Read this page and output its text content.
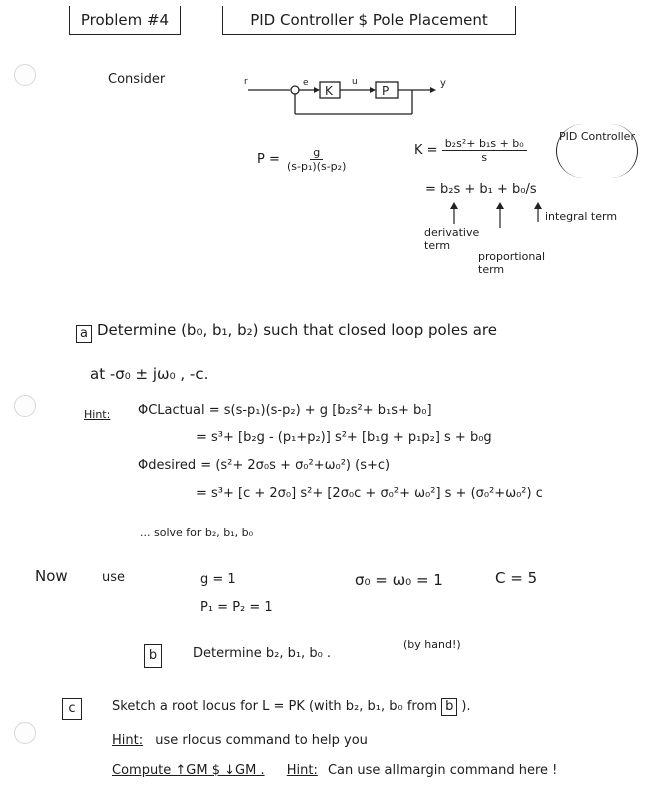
Problem #4	PID Controller $ Pole Placement
Consider
K	P
r	e	u	y
$P = \frac{g}{\text{(s-p₁)(s-p₂)}}$	$K = \frac{\text{b₂s²+ b₁s + b₀}}{s}$
PID Controller
= b₂s + b₁ + b₀/s
derivative term
proportional term
integral term
a Determine (b₀, b₁, b₂) such that closed loop poles are
at -σ₀ ± jω₀ , -c.
Hint: ΦCLactual = s(s-p₁)(s-p₂) + g [b₂s²+ b₁s+ b₀]
= s³+ [b₂g - (p₁+p₂)] s²+ [b₁g + p₁p₂] s + b₀g
Φdesired = (s²+ 2σ₀s + σ₀²+ω₀²) (s+c)
= s³+ [c + 2σ₀] s²+ [2σ₀c + σ₀²+ ω₀²] s + (σ₀²+ω₀²) c
... solve for b₂, b₁, b₀
Now	use	g = 1	σ₀ = ω₀ = 1	C = 5
P₁ = P₂ = 1
b	Determine b₂, b₁, b₀ .
(by hand!)
c	Sketch a root locus for L = PK (with b₂, b₁, b₀ from b ).
Hint: use rlocus command to help you
Compute ↑GM $ ↓GM . Hint: Can use allmargin command here !
